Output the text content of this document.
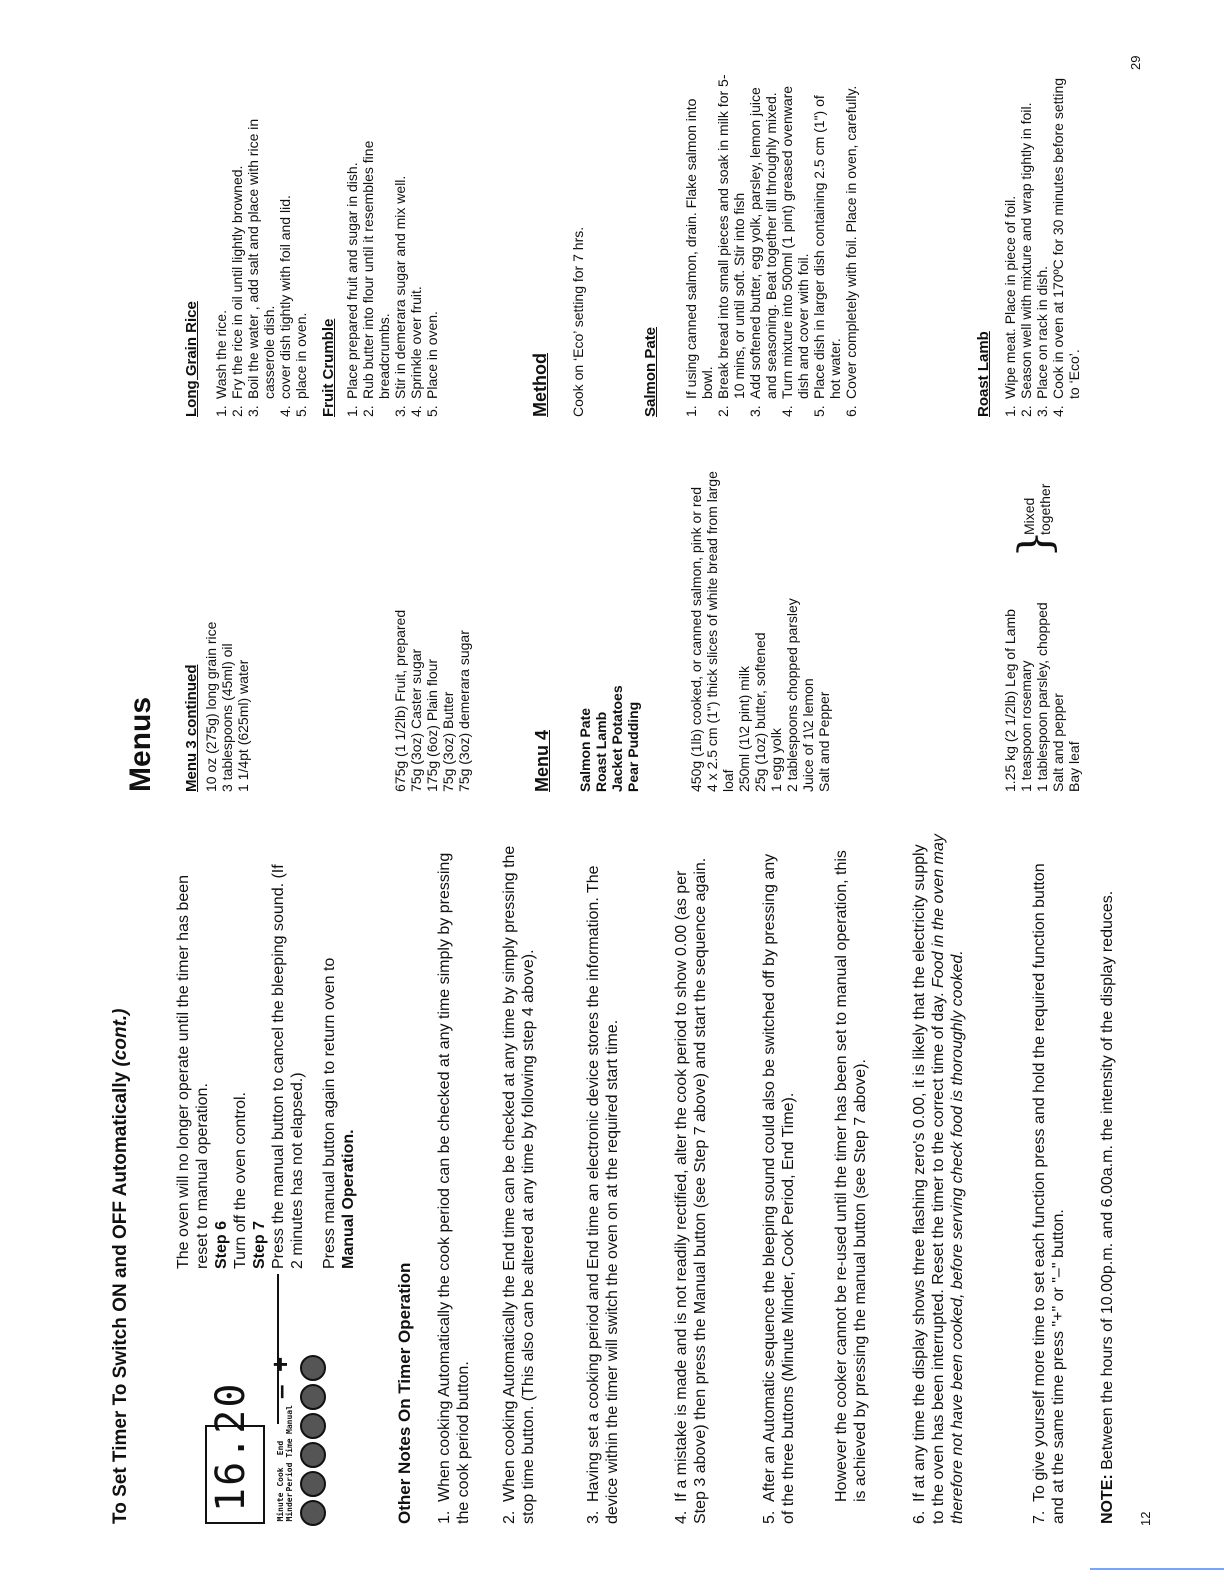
To Set Timer To Switch ON and OFF Automatically (cont.)
16.20	Minute MinderCook PeriodEnd TimeManual
–
+
The oven will no longer operate until the timer has been reset to manual operation. Step 6 Turn off the oven control. Step 7 Press the manual button to cancel the bleeping sound. (If 2 minutes has not elapsed.) Press manual button again to return oven to Manual Operation.
Other Notes On Timer Operation 1.When cooking Automatically the cook period can be checked at any time simply by pressing the cook period button. 2.When cooking Automatically the End time can be checked at any time by simply pressing the stop time button. (This also can be altered at any time by following step 4 above).	3.Having set a cooking period and End time an electronic device stores the information. The device within the timer will switch the oven on at the required start time.	4.If a mistake is made and is not readily rectified, alter the cook period to show 0.00 (as per Step 3 above) then press the Manual button (see Step 7 above) and start the sequence again.	5.After an Automatic sequence the bleeping sound could also be switched off by pressing any of the three buttons (Minute Minder, Cook Period, End Time). However the cooker cannot be re-used until the timer has been set to manual operation, this is achieved by pressing the manual button (see Step 7 above).
6.If at any time the display shows three flashing zero's 0.00, it is likely that the electricity supply to the oven has been interrupted. Reset the timer to the correct time of day. Food in the oven may therefore not have been cooked, before serving check food is thoroughly cooked.	7.To give yourself more time to set each function press and hold the required function button and at the same time press "+" or "–" button. NOTE: Between the hours of 10.00p.m. and 6.00a.m. the intensity of the display reduces.
12
Menus Menu 3 continued 10 oz (275g) long grain rice 3 tablespoons (45ml) oil 1 1/4pt (625ml) water
Long Grain Rice 1.
Wash the rice.
2.
Fry the rice in oil until lightly browned.
3.
Boil the water , add salt and place with rice in casserole dish.
4.
cover dish tightly with foil and lid.
5.
place in oven.
675g (1 1/2lb) Fruit, prepared 75g (3oz) Caster sugar 175g (6oz) Plain flour 75g (3oz) Butter 75g (3oz) demerara sugar
Fruit Crumble 1.
Place prepared fruit and sugar in dish.
2.
Rub butter into flour until it resembles fine breadcrumbs.
3.
Stir in demerara sugar and mix well.
4.
Sprinkle over fruit.
5.
Place in oven.
Menu 4 Salmon Pate Roast Lamb Jacket Potatoes Pear Pudding
Method Cook on ‘Eco’ setting for 7 hrs.
450g (1lb) cooked, or canned salmon, pink or red 4 x 2.5 cm (1") thick slices of white bread from large loaf 250ml (1\2 pint) milk 25g (1oz) butter, softened 1 egg yolk 2 tablespoons chopped parsley Juice of 1\2 lemon Salt and Pepper
Salmon Pate 1.
If using canned salmon, drain. Flake salmon into bowl.
2.
Break bread into small pieces and soak in milk for 5-10 mins, or until soft. Stir into fish
3.
Add softened butter, egg yolk, parsley, lemon juice and seasoning. Beat together till throughly mixed.
4.
Turn mixture into 500ml (1 pint) greased ovenware dish and cover with foil.
5.
Place dish in larger dish containing 2.5 cm (1") of hot water.
6.
Cover completely with foil. Place in oven, carefully.
1.25 kg (2 1/2lb) Leg of Lamb 1 teaspoon rosemary 1 tablespoon parsley, chopped Salt and pepper Bay leaf
}
Mixed together
Roast Lamb 1.
Wipe meat. Place in piece of foil.
2.
Season well with mixture and wrap tightly in foil.
3.
Place on rack in dish.
4.
Cook in oven at 170ºC for 30 minutes before setting to ‘Eco’.
29
